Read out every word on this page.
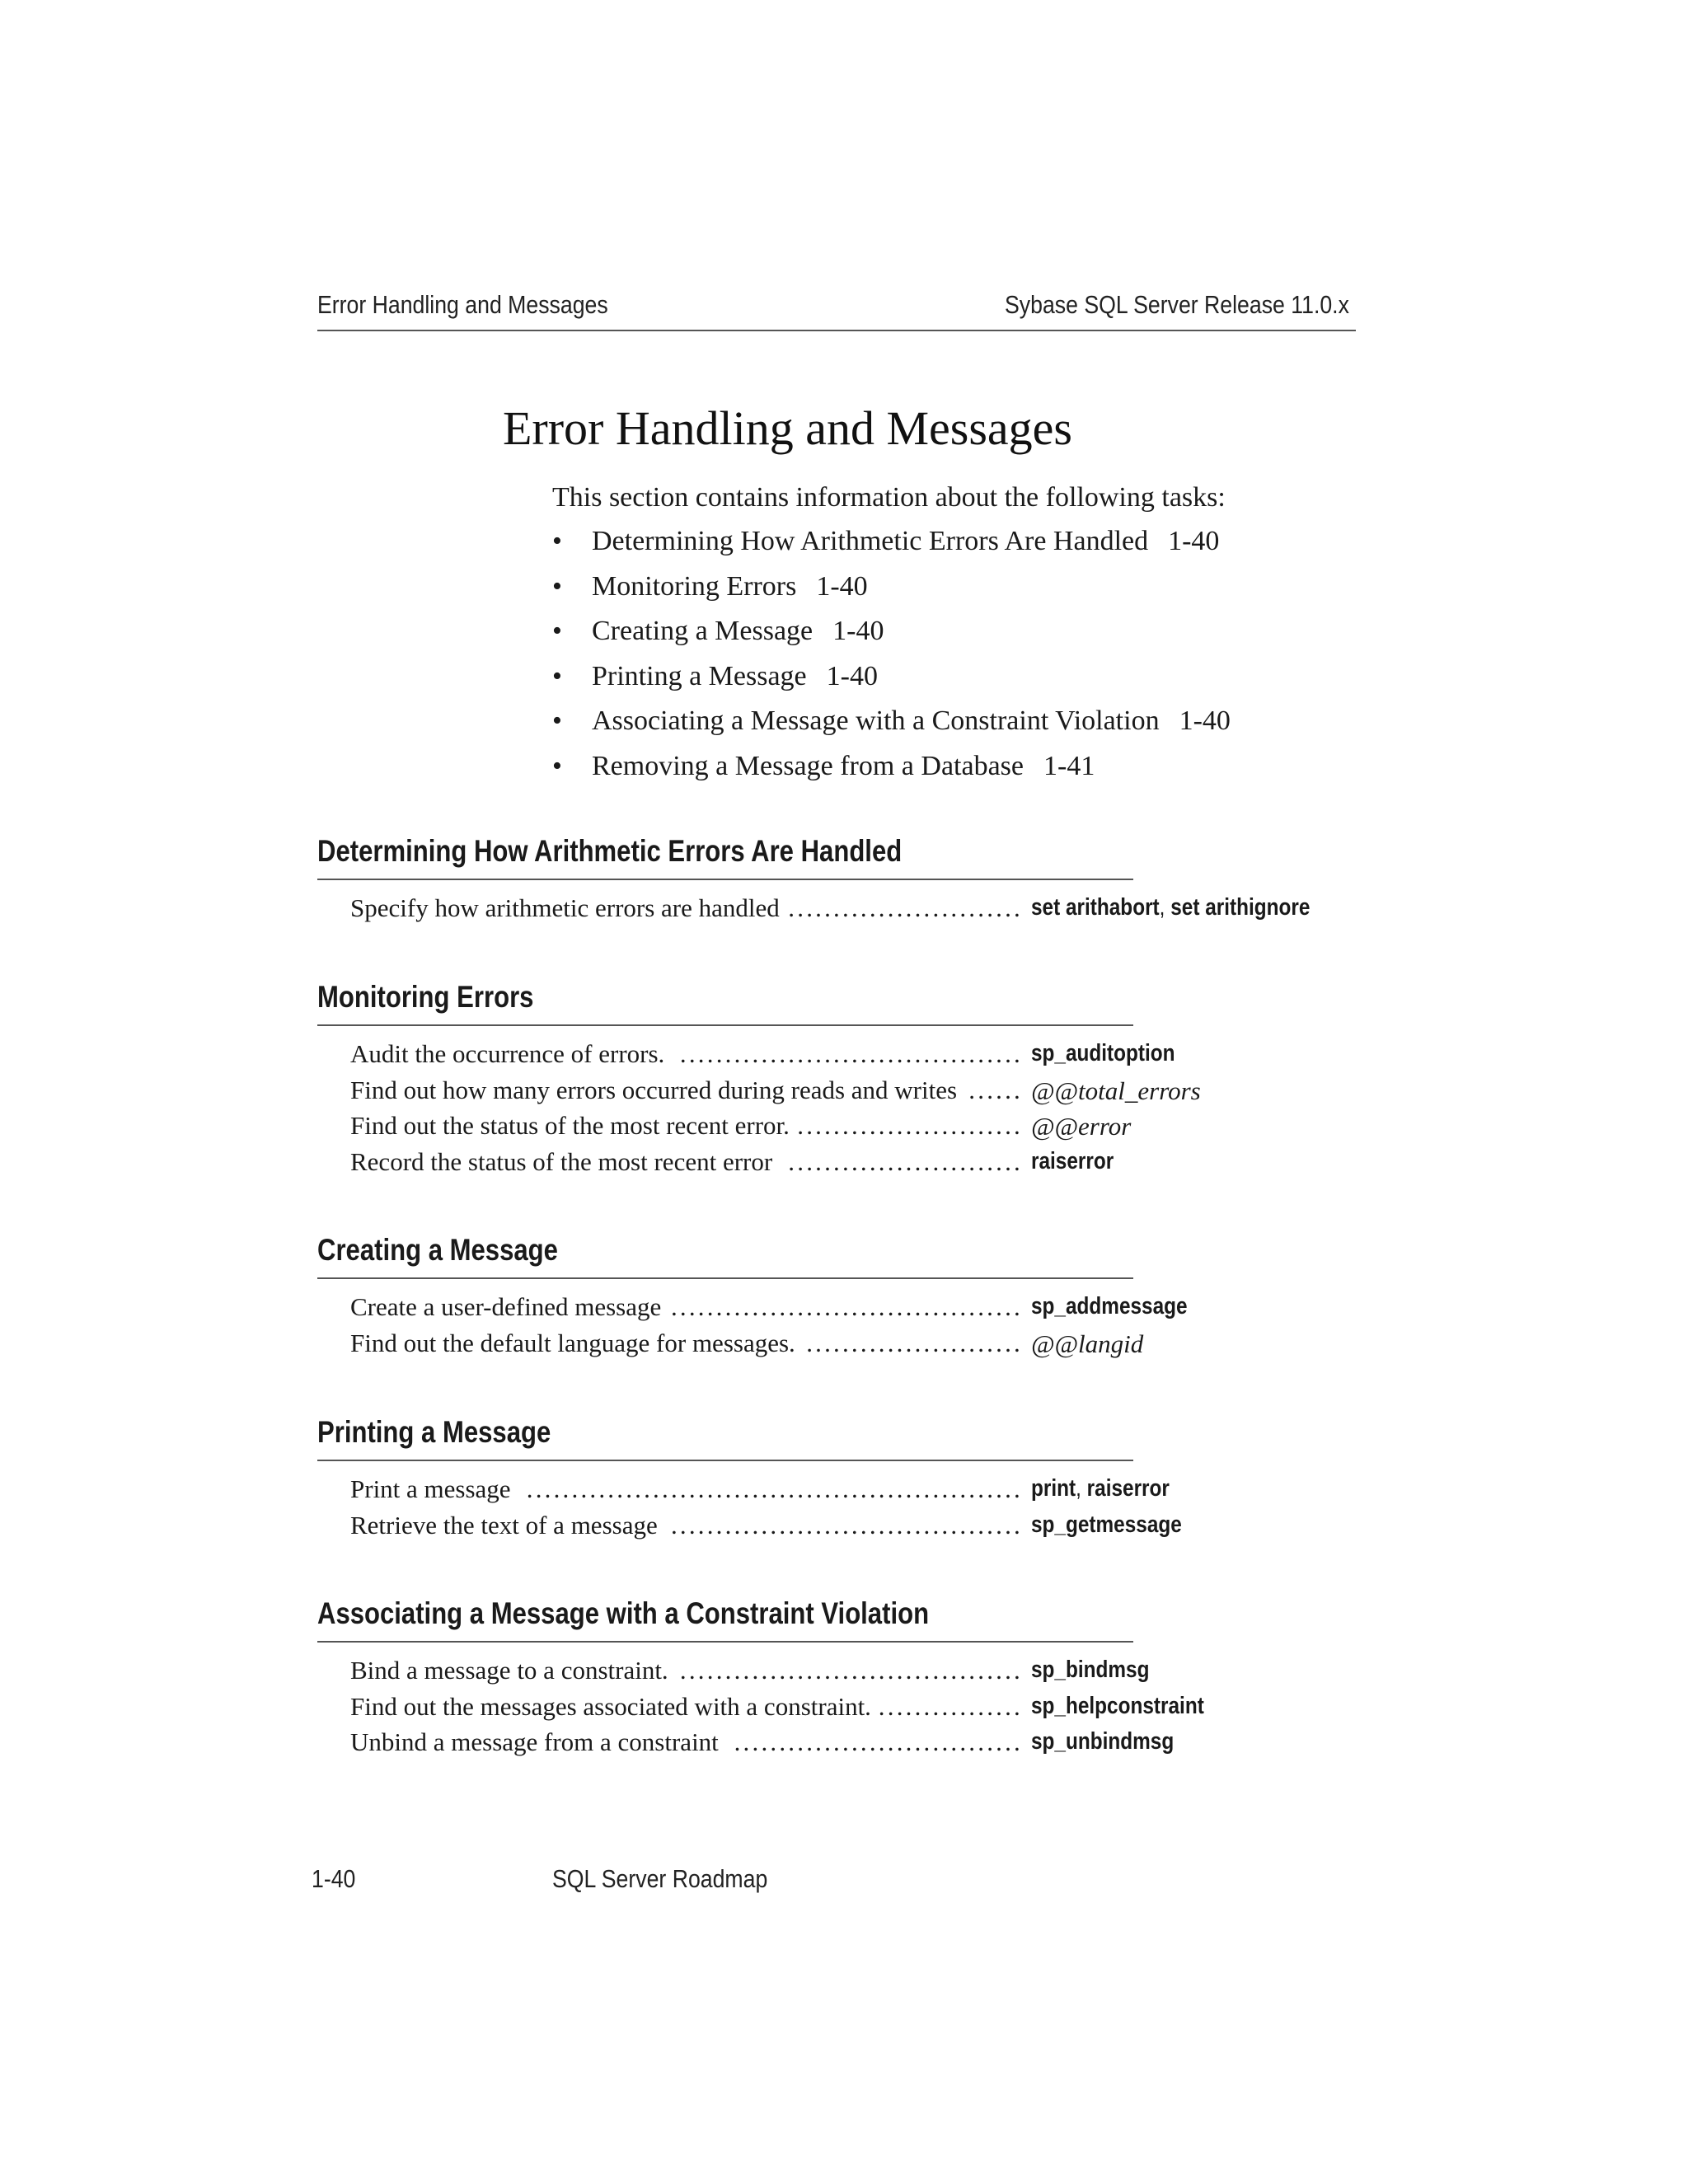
Error Handling and Messages	Sybase SQL Server Release 11.0.x
Error Handling and Messages
This section contains information about the following tasks:
• Determining How Arithmetic Errors Are Handled 1-40
• Monitoring Errors 1-40
• Creating a Message 1-40
• Printing a Message 1-40
• Associating a Message with a Constraint Violation 1-40
• Removing a Message from a Database 1-41
Determining How Arithmetic Errors Are Handled
Specify how arithmetic errors are handled .......................... set arithabort, set arithignore
Monitoring Errors
Audit the occurrence of errors. ...................................... sp_auditoption
Find out how many errors occurred during reads and writes ...... @@total_errors
Find out the status of the most recent error. ......................... @@error
Record the status of the most recent error .......................... raiserror
Creating a Message
Create a user-defined message ....................................... sp_addmessage
Find out the default language for messages. ........................ @@langid
Printing a Message
Print a message ....................................................... print, raiserror
Retrieve the text of a message ....................................... sp_getmessage
Associating a Message with a Constraint Violation
Bind a message to a constraint. ...................................... sp_bindmsg
Find out the messages associated with a constraint. ................ sp_helpconstraint
Unbind a message from a constraint ................................ sp_unbindmsg
1-40	SQL Server Roadmap
